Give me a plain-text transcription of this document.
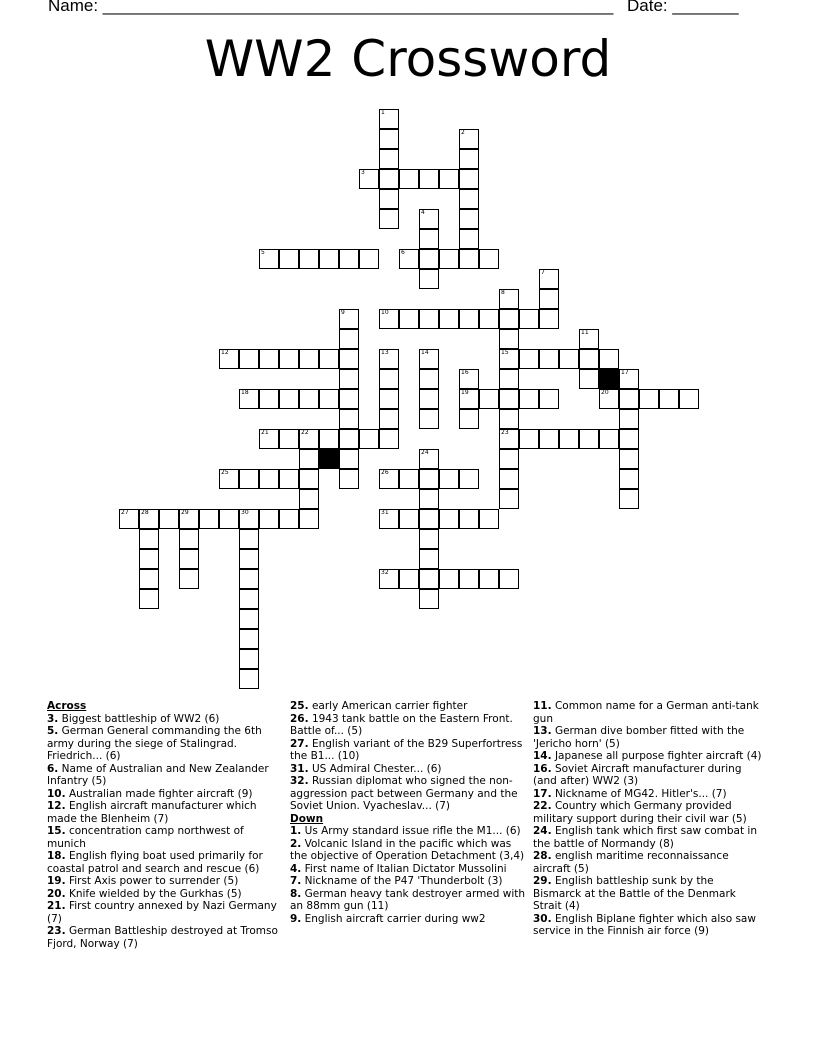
Name: ______________________________________________________ Date: _______
WW2 Crossword
3
5	6
10
12	15
18	19	20
21	22	23
25	26
27 28	29	30	31
32
1
2
4
7
8
9
11
13	14
16	17
24
Across
3. Biggest battleship of WW2 (6)
5. German General commanding the 6th army during the siege of Stalingrad. Friedrich... (6)
6. Name of Australian and New Zealander Infantry (5)
10. Australian made fighter aircraft (9)
12. English aircraft manufacturer which made the Blenheim (7)
15. concentration camp northwest of munich
18. English flying boat used primarily for coastal patrol and search and rescue (6)
19. First Axis power to surrender (5)
20. Knife wielded by the Gurkhas (5)
21. First country annexed by Nazi Germany (7)
23. German Battleship destroyed at Tromso Fjord, Norway (7)
25. early American carrier fighter
26. 1943 tank battle on the Eastern Front. Battle of... (5)
27. English variant of the B29 Superfortress the B1... (10)
31. US Admiral Chester... (6)
32. Russian diplomat who signed the non-aggression pact between Germany and the Soviet Union. Vyacheslav... (7)
Down
1. Us Army standard issue rifle the M1... (6)
2. Volcanic Island in the pacific which was the objective of Operation Detachment (3,4)
4. First name of Italian Dictator Mussolini
7. Nickname of the P47 'Thunderbolt (3)
8. German heavy tank destroyer armed with an 88mm gun (11)
9. English aircraft carrier during ww2
11. Common name for a German anti-tank gun
13. German dive bomber fitted with the 'Jericho horn' (5)
14. Japanese all purpose fighter aircraft (4)
16. Soviet Aircraft manufacturer during (and after) WW2 (3)
17. Nickname of MG42. Hitler's... (7)
22. Country which Germany provided military support during their civil war (5)
24. English tank which first saw combat in the battle of Normandy (8)
28. english maritime reconnaissance aircraft (5)
29. English battleship sunk by the Bismarck at the Battle of the Denmark Strait (4)
30. English Biplane fighter which also saw service in the Finnish air force (9)
